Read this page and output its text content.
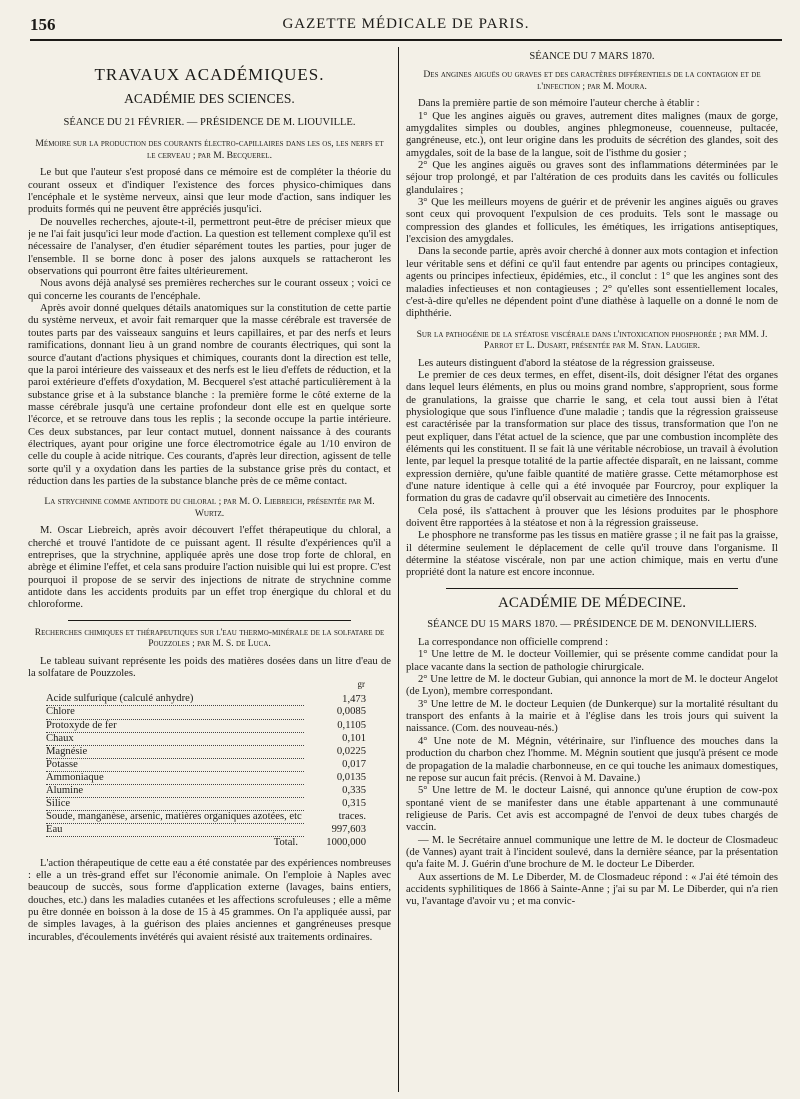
156	GAZETTE MÉDICALE DE PARIS.
TRAVAUX ACADÉMIQUES.
ACADÉMIE DES SCIENCES.
SÉANCE DU 21 FÉVRIER. — PRÉSIDENCE DE M. LIOUVILLE.
Mémoire sur la production des courants électro-capillaires dans les os, les nerfs et le cerveau ; par M. Becquerel.

Le but que l'auteur s'est proposé dans ce mémoire est de compléter la théorie du courant osseux et d'indiquer l'existence des forces physico-chimiques dans l'encéphale et le système nerveux, ainsi que leur mode d'action, sans indiquer les produits formés qui ne peuvent être appréciés jusqu'ici.

De nouvelles recherches, ajoute-t-il, permettront peut-être de préciser mieux que je ne l'ai fait jusqu'ici leur mode d'action. La question est tellement complexe qu'il est nécessaire de l'analyser, d'en étudier séparément toutes les parties, pour juger de l'ensemble. Il se borne donc à poser des jalons auxquels se rattacheront les observations qui pourront être faites ultérieurement.

Nous avons déjà analysé ses premières recherches sur le courant osseux ; voici ce qui concerne les courants de l'encéphale.

Après avoir donné quelques détails anatomiques sur la constitution de cette partie du système nerveux, et avoir fait remarquer que la masse cérébrale est traversée de toutes parts par des vaisseaux sanguins et leurs capillaires, et par des nerfs et leurs ramifications, donnant lieu à un grand nombre de courants électriques, qui sont la source d'autant d'actions physiques et chimiques, courants dont la direction est telle, que la paroi intérieure des vaisseaux et des nerfs est le lieu d'effets de réduction, et la paroi extérieure d'effets d'oxydation, M. Becquerel s'est attaché particulièrement à la substance grise et à la substance blanche : la première forme le côté externe de la masse cérébrale jusqu'à une certaine profondeur dont elle est en quelque sorte l'écorce, et se retrouve dans tous les replis ; la seconde occupe la partie intérieure. Ces deux substances, par leur contact mutuel, donnent naissance à des courants électriques, ayant pour origine une force électromotrice égale au 1/10 environ de celle du couple à acide nitrique. Ces courants, d'après leur direction, agissent de telle sorte qu'il y a oxydation dans les parties de la substance grise près du contact, et réduction dans les parties de la substance blanche près de ce même contact.

La strychnine comme antidote du chloral ; par M. O. Liebreich, présentée par M. Wurtz.

M. Oscar Liebreich, après avoir découvert l'effet thérapeutique du chloral, a cherché et trouvé l'antidote de ce puissant agent. Il résulte d'expériences qu'il a entreprises, que la strychnine, appliquée après une dose trop forte de chloral, en abrège et élimine l'effet, et cela sans produire l'action nuisible qui lui est propre. C'est pourquoi il propose de se servir des injections de nitrate de strychnine comme antidote dans les accidents produits par un effet trop énergique du chloral et du chloroforme.

Recherches chimiques et thérapeutiques sur l'eau thermo-minérale de la solfatare de Pouzzoles ; par M. S. de Luca.

Le tableau suivant représente les poids des matières dosées dans un litre d'eau de la solfatare de Pouzzoles.

gr
Acide sulfurique (calculé anhydre)	1,473
Chlore	0,0085
Protoxyde de fer	0,1105
Chaux	0,101
Magnésie	0,0225
Potasse	0,017
Ammoniaque	0,0135
Alumine	0,335
Silice	0,315
Soude, manganèse, arsenic, matières organiques azotées, etc	traces.
Eau	997,603
Total.	1000,000

L'action thérapeutique de cette eau a été constatée par des expériences nombreuses : elle a un très-grand effet sur l'économie animale. On l'emploie à Naples avec beaucoup de succès, sous forme d'application externe (lavages, bains entiers, douches, etc.) dans les maladies cutanées et les affections scrofuleuses ; elle a même pu être donnée en boisson à la dose de 15 à 45 grammes. On l'a appliquée aussi, par de simples lavages, à la guérison des plaies anciennes et gangréneuses presque incurables, d'écoulements invétérés qui avaient résisté aux traitements ordinaires.

SÉANCE DU 7 MARS 1870.
Des angines aiguës ou graves et des caractères différentiels de la contagion et de l'infection ; par M. Moura.

Dans la première partie de son mémoire l'auteur cherche à établir :

1° Que les angines aiguës ou graves, autrement dites malignes (maux de gorge, amygdalites simples ou doubles, angines phlegmoneuse, couenneuse, pultacée, gangréneuse, etc.), ont leur origine dans les produits de sécrétion des glandes, soit des amygdales, soit de la base de la langue, soit de l'isthme du gosier ;

2° Que les angines aiguës ou graves sont des inflammations déterminées par le séjour trop prolongé, et par l'altération de ces produits dans les cavités ou follicules glandulaires ;

3° Que les meilleurs moyens de guérir et de prévenir les angines aiguës ou graves sont ceux qui provoquent l'expulsion de ces produits. Tels sont le massage ou compression des glandes et follicules, les émétiques, les irrigations antiseptiques, l'excision des amygdales.

Dans la seconde partie, après avoir cherché à donner aux mots contagion et infection leur véritable sens et défini ce qu'il faut entendre par agents ou principes contagieux, agents ou principes infectieux, épidémies, etc., il conclut : 1° que les angines sont des maladies infectieuses et non contagieuses ; 2° qu'elles sont essentiellement locales, c'est-à-dire qu'elles ne dépendent point d'une diathèse à laquelle on a donné le nom de diphthérie.

Sur la pathogénie de la stéatose viscérale dans l'intoxication phosphorée ; par MM. J. Parrot et L. Dusart, présentée par M. Stan. Laugier.

Les auteurs distinguent d'abord la stéatose de la régression graisseuse.

Le premier de ces deux termes, en effet, disent-ils, doit désigner l'état des organes dans lequel leurs éléments, en plus ou moins grand nombre, s'approprient, sous forme de granulations, la graisse que charrie le sang, et cela tout aussi bien à l'état physiologique que sous l'influence d'une maladie ; tandis que la régression graisseuse est caractérisée par la transformation sur place des tissus, transformation que l'on ne peut expliquer, dans l'état actuel de la science, que par une combustion incomplète des éléments qui les constituent. Il se fait là une véritable nécrobiose, un travail à évolution lente, par lequel la presque totalité de la partie affectée disparaît, en ne laissant, comme expression dernière, qu'une faible quantité de matière grasse. Cette métamorphose est d'une nature identique à celle qui a été invoquée par Fourcroy, pour expliquer la formation du gras de cadavre qu'il observait au cimetière des Innocents.

Cela posé, ils s'attachent à prouver que les lésions produites par le phosphore doivent être rapportées à la stéatose et non à la régression graisseuse.

Le phosphore ne transforme pas les tissus en matière grasse ; il ne fait pas la graisse, il détermine seulement le déplacement de celle qu'il trouve dans l'organisme. Il détermine la stéatose viscérale, non par une action chimique, mais en vertu d'une propriété dont la nature est encore inconnue.

ACADÉMIE DE MÉDECINE.
SÉANCE DU 15 MARS 1870. — PRÉSIDENCE DE M. DENONVILLIERS.

La correspondance non officielle comprend :

1° Une lettre de M. le docteur Voillemier, qui se présente comme candidat pour la place vacante dans la section de pathologie chirurgicale.

2° Une lettre de M. le docteur Gubian, qui annonce la mort de M. le docteur Angelot (de Lyon), membre correspondant.

3° Une lettre de M. le docteur Lequien (de Dunkerque) sur la mortalité résultant du transport des enfants à la mairie et à l'église dans les trois jours qui suivent la naissance. (Com. des nouveau-nés.)

4° Une note de M. Mégnin, vétérinaire, sur l'influence des mouches dans la production du charbon chez l'homme. M. Mégnin soutient que jusqu'à présent ce mode de propagation de la maladie charbonneuse, en ce qui touche les animaux domestiques, ne repose sur aucun fait précis. (Renvoi à M. Davaine.)

5° Une lettre de M. le docteur Laisné, qui annonce qu'une éruption de cow-pox spontané vient de se manifester dans une étable appartenant à une communauté religieuse de Paris. Cet avis est accompagné de l'envoi de deux tubes chargés de vaccin.

— M. le Secrétaire annuel communique une lettre de M. le docteur de Closmadeuc (de Vannes) ayant trait à l'incident soulevé, dans la dernière séance, par la présentation qu'a faite M. J. Guérin d'une brochure de M. le docteur Le Diberder.

Aux assertions de M. Le Diberder, M. de Closmadeuc répond : « J'ai été témoin des accidents syphilitiques de 1866 à Sainte-Anne ; j'ai su par M. Le Diberder, qui n'a rien vu, l'avantage d'avoir vu ; et ma convic-
